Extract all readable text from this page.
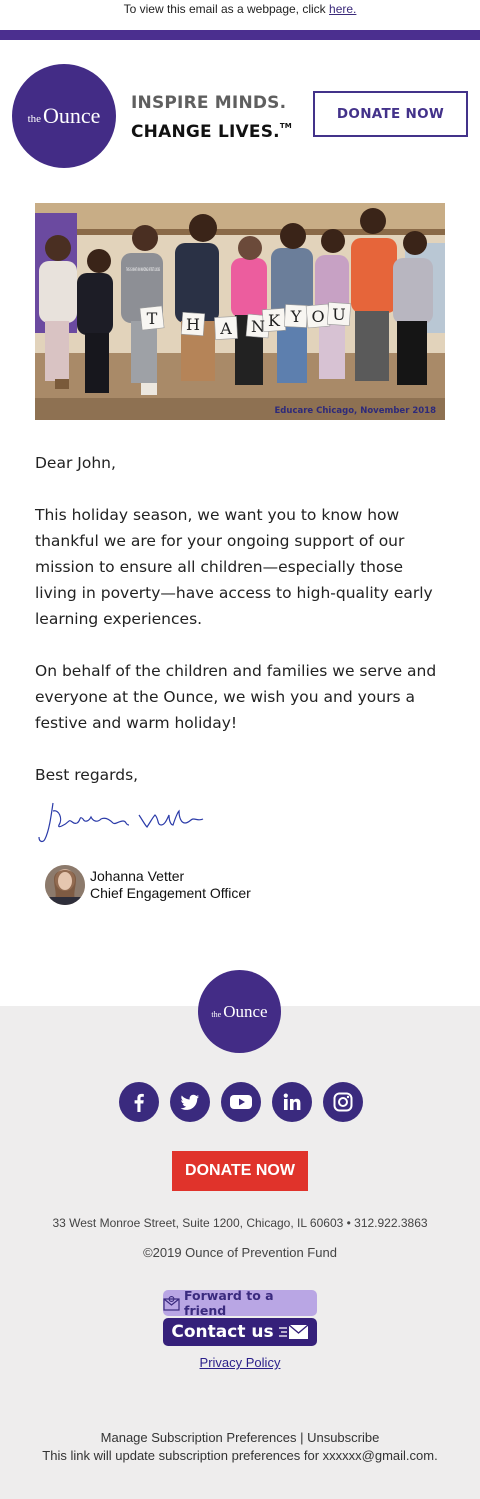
To view this email as a webpage, click here.
the Ounce INSPIRE MINDS.
CHANGE LIVES.™
DONATE NOW
T H A N K Y O U
Educare Chicago, November 2018

Dear John,

This holiday season, we want you to know how thankful we are for your ongoing support of our mission to ensure all children—especially those living in poverty—have access to high-quality early learning experiences.

On behalf of the children and families we serve and everyone at the Ounce, we wish you and yours a festive and warm holiday!

Best regards,

Johanna Vetter
Chief Engagement Officer
the Ounce
DONATE NOW
33 West Monroe Street, Suite 1200, Chicago, IL 60603 • 312.922.3863
©2019 Ounce of Prevention Fund
Forward to a friend
Contact us
Privacy Policy
Manage Subscription Preferences | Unsubscribe
This link will update subscription preferences for xxxxxx@gmail.com.
